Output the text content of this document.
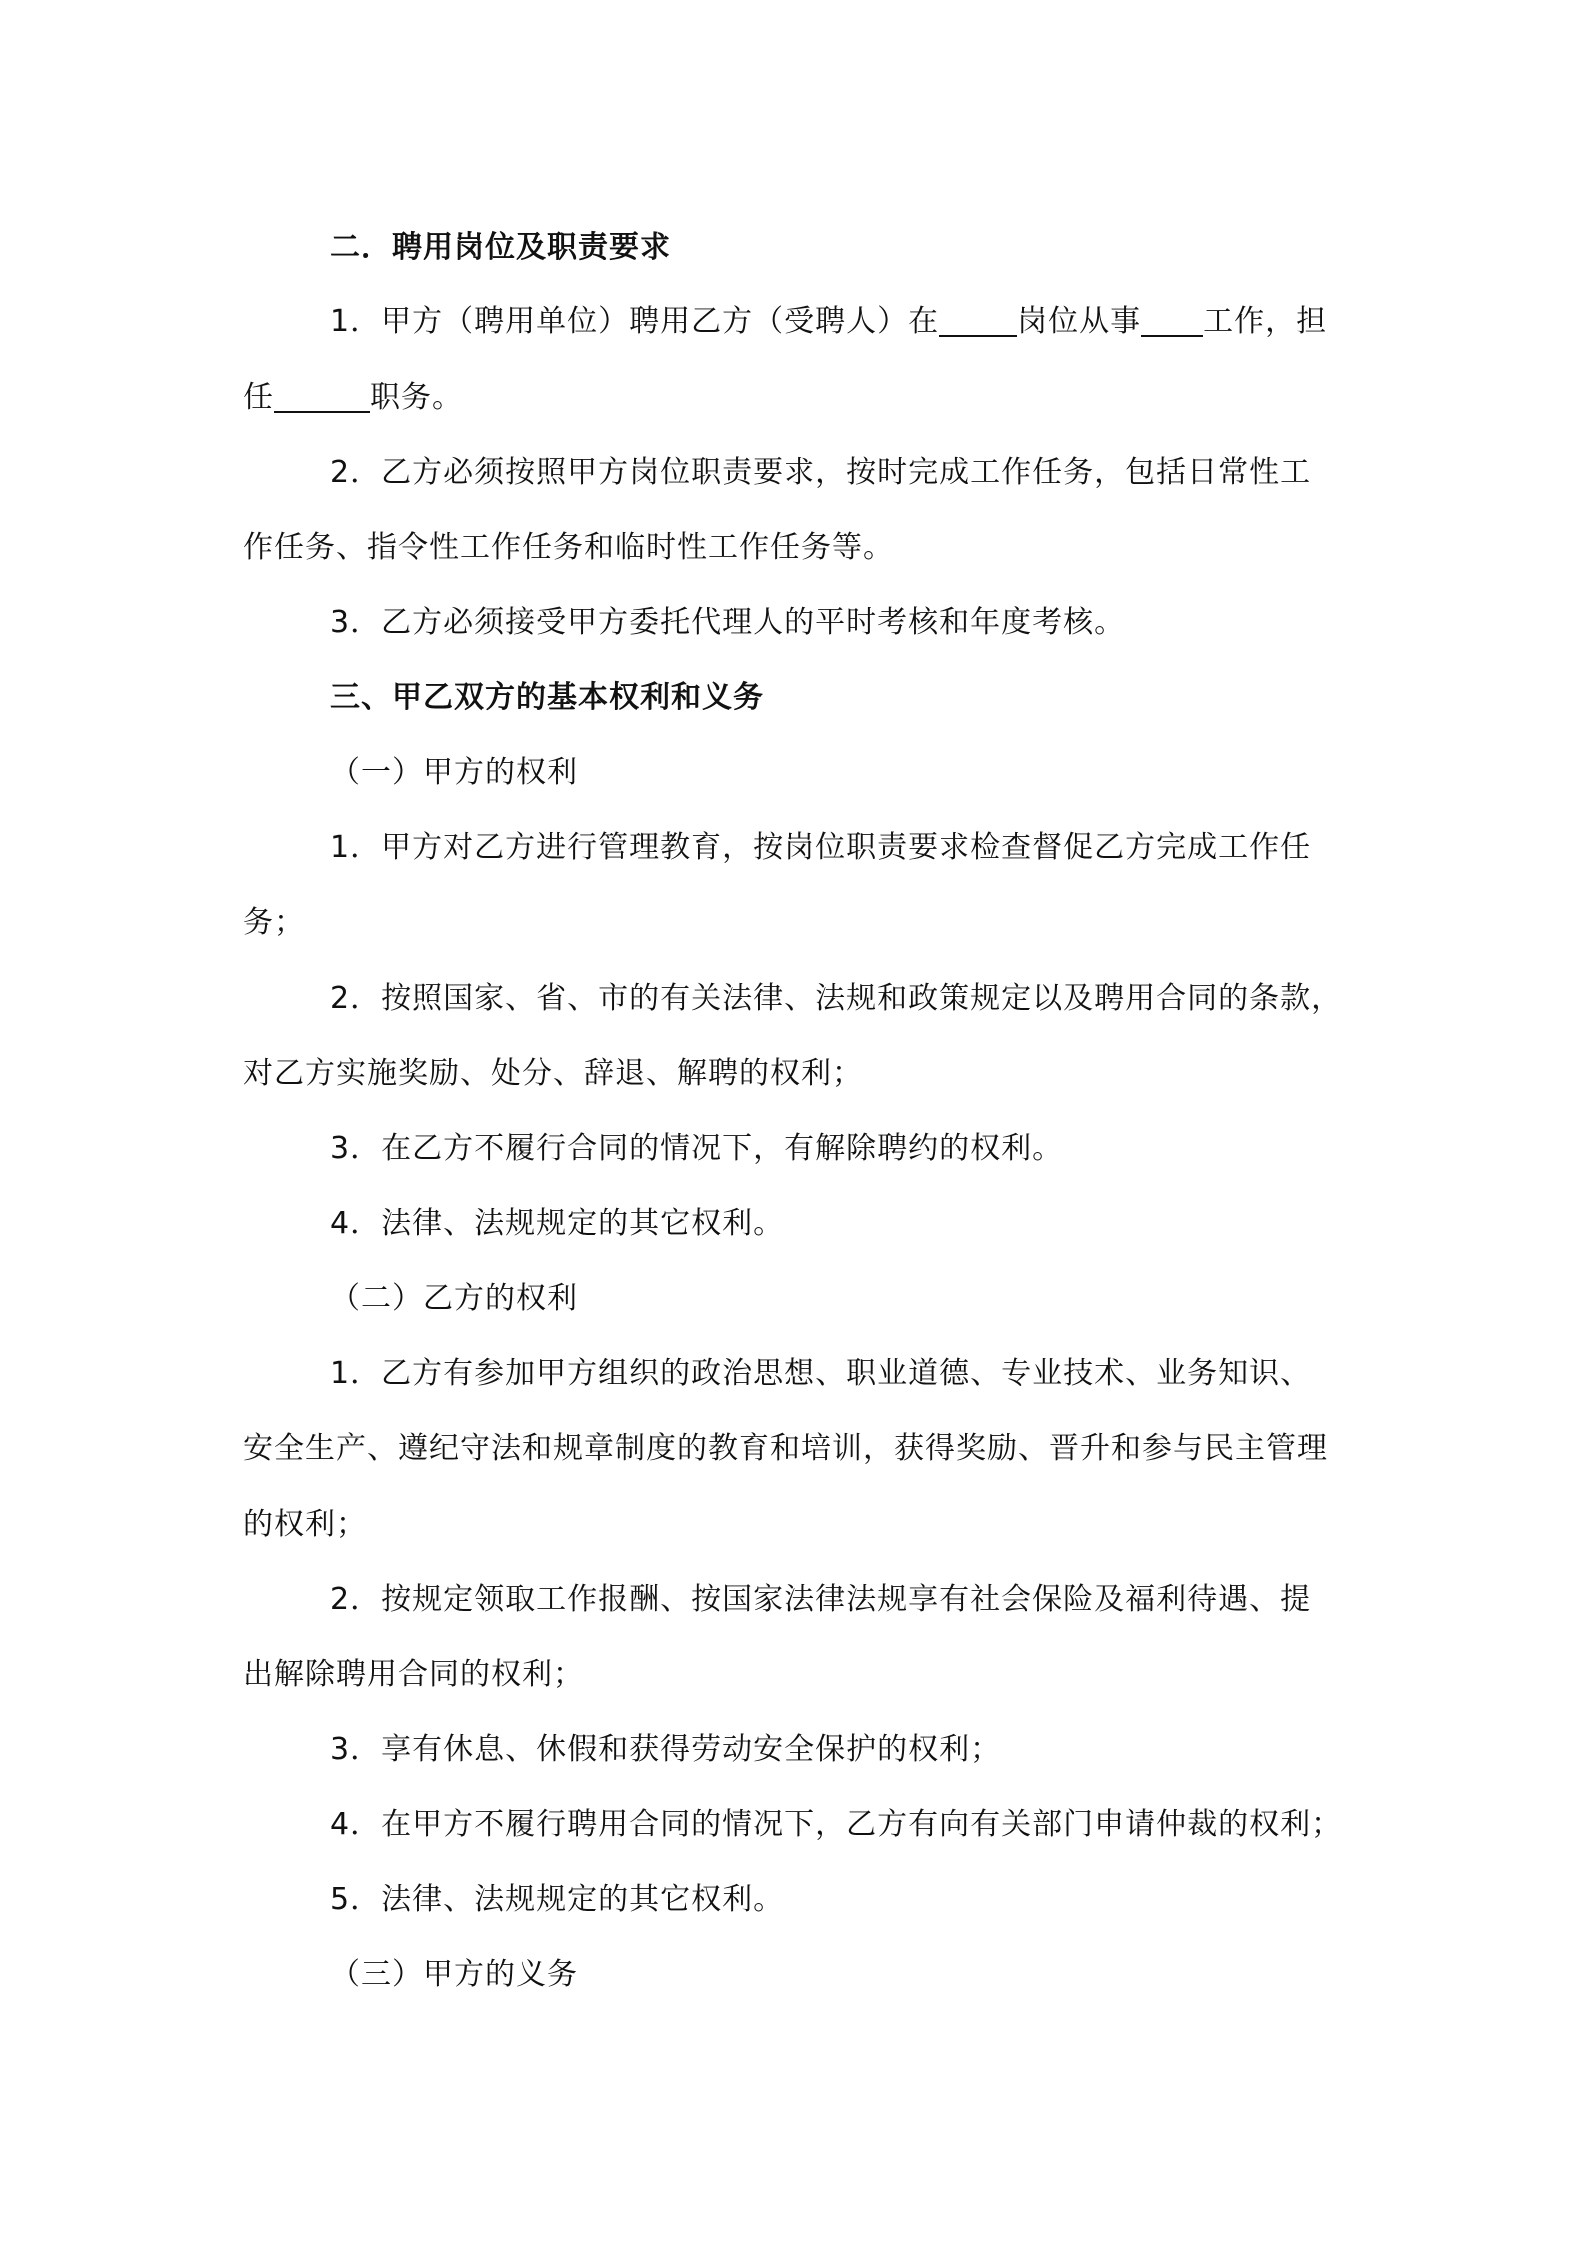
二．聘用岗位及职责要求
1．甲方（聘用单位）聘用乙方（受聘人）在	岗位从事 工作，担
任	职务。
2．乙方必须按照甲方岗位职责要求，按时完成工作任务，包括日常性工
作任务、指令性工作任务和临时性工作任务等。
3．乙方必须接受甲方委托代理人的平时考核和年度考核。
三、甲乙双方的基本权利和义务
（一）甲方的权利
1．甲方对乙方进行管理教育，按岗位职责要求检查督促乙方完成工作任
务；
2．按照国家、省、市的有关法律、法规和政策规定以及聘用合同的条款，
对乙方实施奖励、处分、辞退、解聘的权利；
3．在乙方不履行合同的情况下，有解除聘约的权利。
4．法律、法规规定的其它权利。
（二）乙方的权利
1．乙方有参加甲方组织的政治思想、职业道德、专业技术、业务知识、
安全生产、遵纪守法和规章制度的教育和培训，获得奖励、晋升和参与民主管理
的权利；
2．按规定领取工作报酬、按国家法律法规享有社会保险及福利待遇、提
出解除聘用合同的权利；
3．享有休息、休假和获得劳动安全保护的权利；
4．在甲方不履行聘用合同的情况下，乙方有向有关部门申请仲裁的权利；
5．法律、法规规定的其它权利。
（三）甲方的义务
